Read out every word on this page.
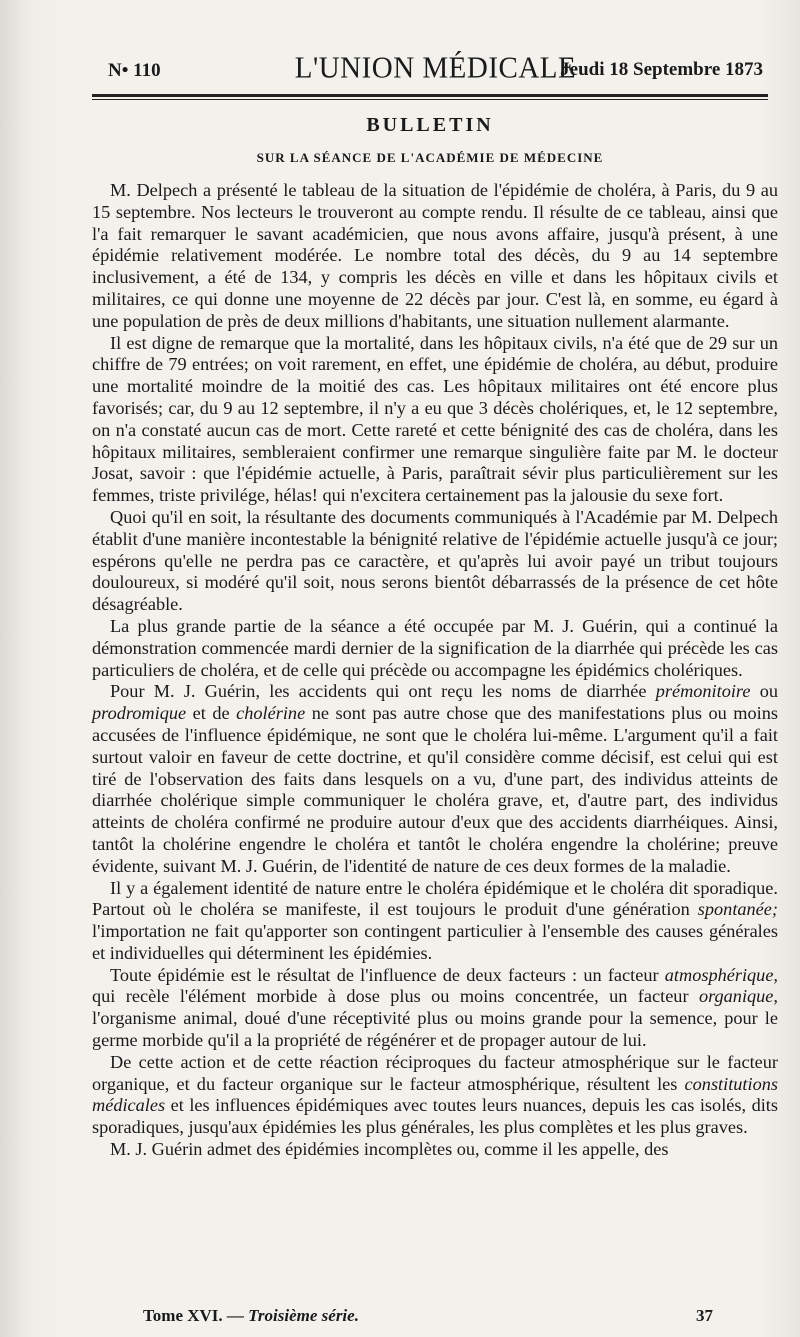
N• 110	L'UNION MÉDICALE
Jeudi 18 Septembre 1873
BULLETIN
SUR LA SÉANCE DE L'ACADÉMIE DE MÉDECINE

M. Delpech a présenté le tableau de la situation de l'épidémie de choléra, à Paris, du 9 au 15 septembre. Nos lecteurs le trouveront au compte rendu. Il résulte de ce tableau, ainsi que l'a fait remarquer le savant académicien, que nous avons affaire, jusqu'à présent, à une épidémie relativement modérée. Le nombre total des décès, du 9 au 14 septembre inclusivement, a été de 134, y compris les décès en ville et dans les hôpitaux civils et militaires, ce qui donne une moyenne de 22 décès par jour. C'est là, en somme, eu égard à une population de près de deux millions d'habitants, une situation nullement alarmante.

Il est digne de remarque que la mortalité, dans les hôpitaux civils, n'a été que de 29 sur un chiffre de 79 entrées; on voit rarement, en effet, une épidémie de choléra, au début, produire une mortalité moindre de la moitié des cas. Les hôpitaux militaires ont été encore plus favorisés; car, du 9 au 12 septembre, il n'y a eu que 3 décès cholériques, et, le 12 septembre, on n'a constaté aucun cas de mort. Cette rareté et cette bénignité des cas de choléra, dans les hôpitaux militaires, sembleraient confirmer une remarque singulière faite par M. le docteur Josat, savoir : que l'épidémie actuelle, à Paris, paraîtrait sévir plus particulièrement sur les femmes, triste privilége, hélas! qui n'excitera certainement pas la jalousie du sexe fort.

Quoi qu'il en soit, la résultante des documents communiqués à l'Académie par M. Delpech établit d'une manière incontestable la bénignité relative de l'épidémie actuelle jusqu'à ce jour; espérons qu'elle ne perdra pas ce caractère, et qu'après lui avoir payé un tribut toujours douloureux, si modéré qu'il soit, nous serons bientôt débarrassés de la présence de cet hôte désagréable.

La plus grande partie de la séance a été occupée par M. J. Guérin, qui a continué la démonstration commencée mardi dernier de la signification de la diarrhée qui précède les cas particuliers de choléra, et de celle qui précède ou accompagne les épidémics cholériques.

Pour M. J. Guérin, les accidents qui ont reçu les noms de diarrhée prémonitoire ou prodromique et de cholérine ne sont pas autre chose que des manifestations plus ou moins accusées de l'influence épidémique, ne sont que le choléra lui-même. L'argument qu'il a fait surtout valoir en faveur de cette doctrine, et qu'il considère comme décisif, est celui qui est tiré de l'observation des faits dans lesquels on a vu, d'une part, des individus atteints de diarrhée cholérique simple communiquer le choléra grave, et, d'autre part, des individus atteints de choléra confirmé ne produire autour d'eux que des accidents diarrhéiques. Ainsi, tantôt la cholérine engendre le choléra et tantôt le choléra engendre la cholérine; preuve évidente, suivant M. J. Guérin, de l'identité de nature de ces deux formes de la maladie.

Il y a également identité de nature entre le choléra épidémique et le choléra dit sporadique. Partout où le choléra se manifeste, il est toujours le produit d'une génération spontanée; l'importation ne fait qu'apporter son contingent particulier à l'ensemble des causes générales et individuelles qui déterminent les épidémies.

Toute épidémie est le résultat de l'influence de deux facteurs : un facteur atmosphérique, qui recèle l'élément morbide à dose plus ou moins concentrée, un facteur organique, l'organisme animal, doué d'une réceptivité plus ou moins grande pour la semence, pour le germe morbide qu'il a la propriété de régénérer et de propager autour de lui.

De cette action et de cette réaction réciproques du facteur atmosphérique sur le facteur organique, et du facteur organique sur le facteur atmosphérique, résultent les constitutions médicales et les influences épidémiques avec toutes leurs nuances, depuis les cas isolés, dits sporadiques, jusqu'aux épidémies les plus générales, les plus complètes et les plus graves.

M. J. Guérin admet des épidémies incomplètes ou, comme il les appelle, des

Tome XVI. — Troisième série.	37
